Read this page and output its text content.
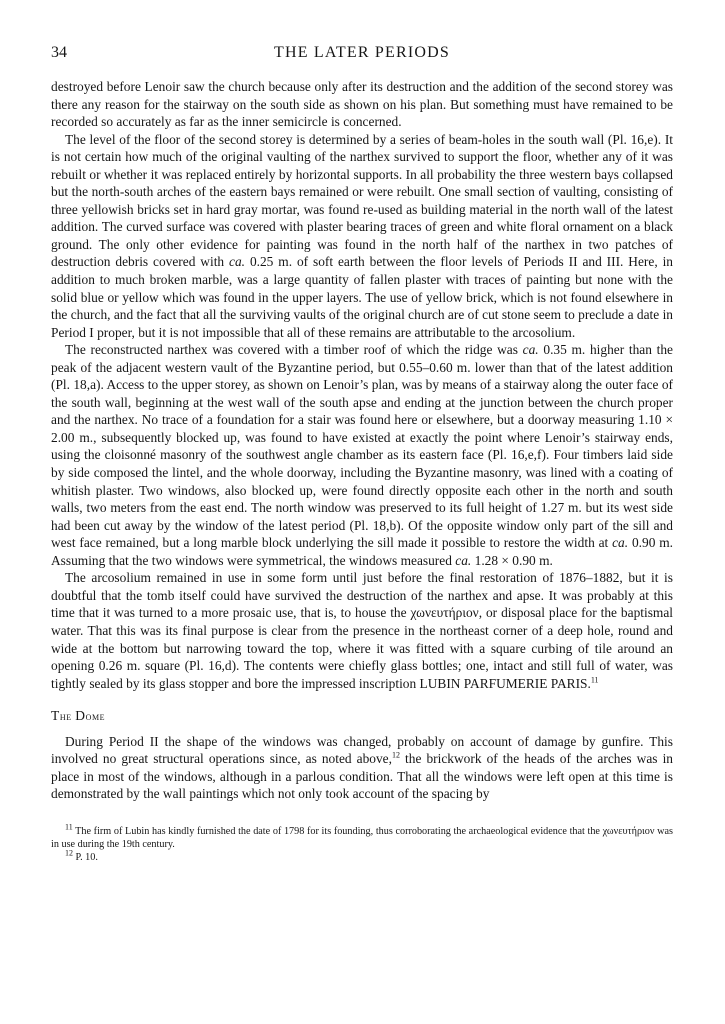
34	THE LATER PERIODS

destroyed before Lenoir saw the church because only after its destruction and the addition of the second storey was there any reason for the stairway on the south side as shown on his plan. But something must have remained to be recorded so accurately as far as the inner semicircle is concerned.

The level of the floor of the second storey is determined by a series of beam-holes in the south wall (Pl. 16,e). It is not certain how much of the original vaulting of the narthex survived to support the floor, whether any of it was rebuilt or whether it was replaced entirely by horizontal supports. In all probability the three western bays collapsed but the north-south arches of the eastern bays remained or were rebuilt. One small section of vaulting, consisting of three yellowish bricks set in hard gray mortar, was found re-used as building material in the north wall of the latest addition. The curved surface was covered with plaster bearing traces of green and white floral ornament on a black ground. The only other evidence for painting was found in the north half of the narthex in two patches of destruction debris covered with ca. 0.25 m. of soft earth between the floor levels of Periods II and III. Here, in addition to much broken marble, was a large quantity of fallen plaster with traces of painting but none with the solid blue or yellow which was found in the upper layers. The use of yellow brick, which is not found elsewhere in the church, and the fact that all the surviving vaults of the original church are of cut stone seem to preclude a date in Period I proper, but it is not impossible that all of these remains are attributable to the arcosolium.

The reconstructed narthex was covered with a timber roof of which the ridge was ca. 0.35 m. higher than the peak of the adjacent western vault of the Byzantine period, but 0.55–0.60 m. lower than that of the latest addition (Pl. 18,a). Access to the upper storey, as shown on Lenoir’s plan, was by means of a stairway along the outer face of the south wall, beginning at the west wall of the south apse and ending at the junction between the church proper and the narthex. No trace of a foundation for a stair was found here or elsewhere, but a doorway measuring 1.10 × 2.00 m., subsequently blocked up, was found to have existed at exactly the point where Lenoir’s stairway ends, using the cloisonné masonry of the southwest angle chamber as its eastern face (Pl. 16,e,f). Four timbers laid side by side composed the lintel, and the whole doorway, including the Byzantine masonry, was lined with a coating of whitish plaster. Two windows, also blocked up, were found directly opposite each other in the north and south walls, two meters from the east end. The north window was preserved to its full height of 1.27 m. but its west side had been cut away by the window of the latest period (Pl. 18,b). Of the opposite window only part of the sill and west face remained, but a long marble block underlying the sill made it possible to restore the width at ca. 0.90 m. Assuming that the two windows were symmetrical, the windows measured ca. 1.28 × 0.90 m.

The arcosolium remained in use in some form until just before the final restoration of 1876–1882, but it is doubtful that the tomb itself could have survived the destruction of the narthex and apse. It was probably at this time that it was turned to a more prosaic use, that is, to house the χωνευτήριον, or disposal place for the baptismal water. That this was its final purpose is clear from the presence in the northeast corner of a deep hole, round and wide at the bottom but narrowing toward the top, where it was fitted with a square curbing of tile around an opening 0.26 m. square (Pl. 16,d). The contents were chiefly glass bottles; one, intact and still full of water, was tightly sealed by its glass stopper and bore the impressed inscription LUBIN PARFUMERIE PARIS.$^{11}$

The Dome

During Period II the shape of the windows was changed, probably on account of damage by gunfire. This involved no great structural operations since, as noted above,$^{12}$ the brickwork of the heads of the arches was in place in most of the windows, although in a parlous condition. That all the windows were left open at this time is demonstrated by the wall paintings which not only took account of the spacing by

$^{11}$ The firm of Lubin has kindly furnished the date of 1798 for its founding, thus corroborating the archaeological evidence that the χωνευτήριον was in use during the 19th century.

$^{12}$ P. 10.
